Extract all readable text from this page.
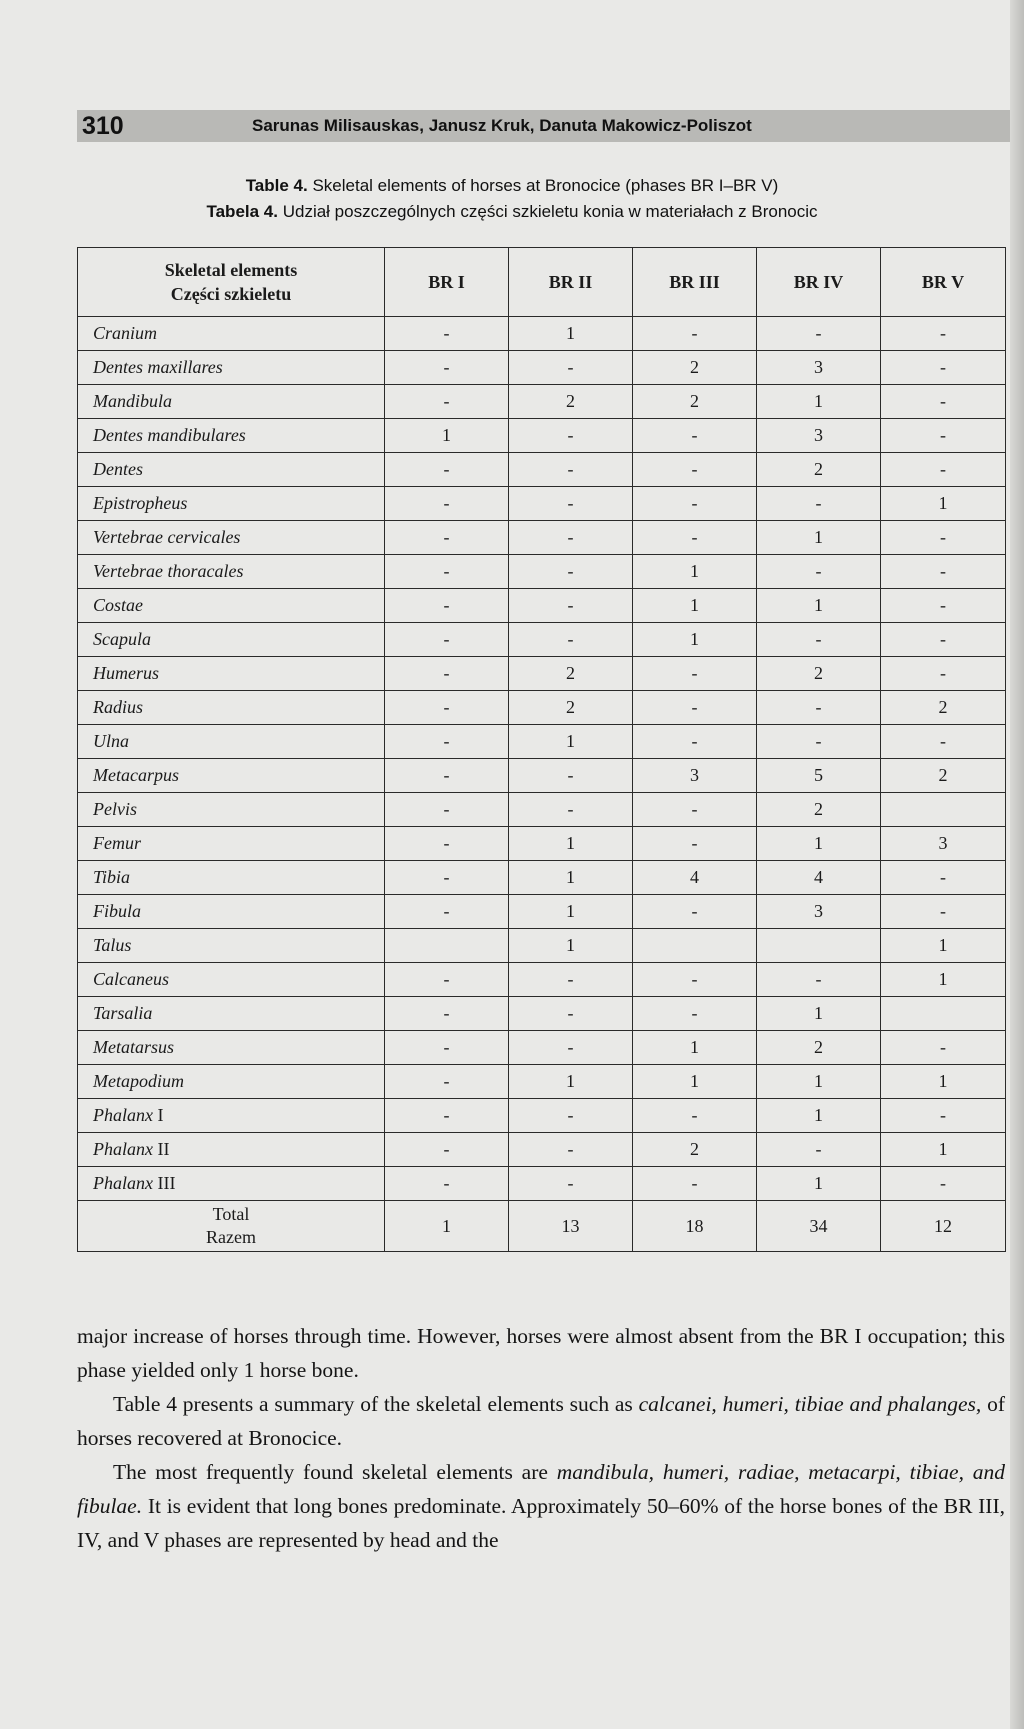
310	Sarunas Milisauskas, Janusz Kruk, Danuta Makowicz-Poliszot
Table 4. Skeletal elements of horses at Bronocice (phases BR I–BR V)
Tabela 4. Udział poszczególnych części szkieletu konia w materiałach z Bronocic
Skeletal elements
Części szkieletu	BR I	BR II	BR III	BR IV	BR V
Cranium	-	1	-	-	-
Dentes maxillares	-	-	2	3	-
Mandibula	-	2	2	1	-
Dentes mandibulares	1	-	-	3	-
Dentes	-	-	-	2	-
Epistropheus	-	-	-	-	1
Vertebrae cervicales	-	-	-	1	-
Vertebrae thoracales	-	-	1	-	-
Costae	-	-	1	1	-
Scapula	-	-	1	-	-
Humerus	-	2	-	2	-
Radius	-	2	-	-	2
Ulna	-	1	-	-	-
Metacarpus	-	-	3	5	2
Pelvis	-	-	-	2	
Femur	-	1	-	1	3
Tibia	-	1	4	4	-
Fibula	-	1	-	3	-
Talus		1			1
Calcaneus	-	-	-	-	1
Tarsalia	-	-	-	1	
Metatarsus	-	-	1	2	-
Metapodium	-	1	1	1	1
Phalanx I	-	-	-	1	-
Phalanx II	-	-	2	-	1
Phalanx III	-	-	-	1	-

Total
Razem	1	13	18	34	12

major increase of horses through time. However, horses were almost absent from the BR I occupation; this phase yielded only 1 horse bone.

Table 4 presents a summary of the skeletal elements such as calcanei, humeri, tibiae and phalanges, of horses recovered at Bronocice.

The most frequently found skeletal elements are mandibula, humeri, radiae, metacarpi, tibiae, and fibulae. It is evident that long bones predominate. Approximately 50–60% of the horse bones of the BR III, IV, and V phases are represented by head and the
